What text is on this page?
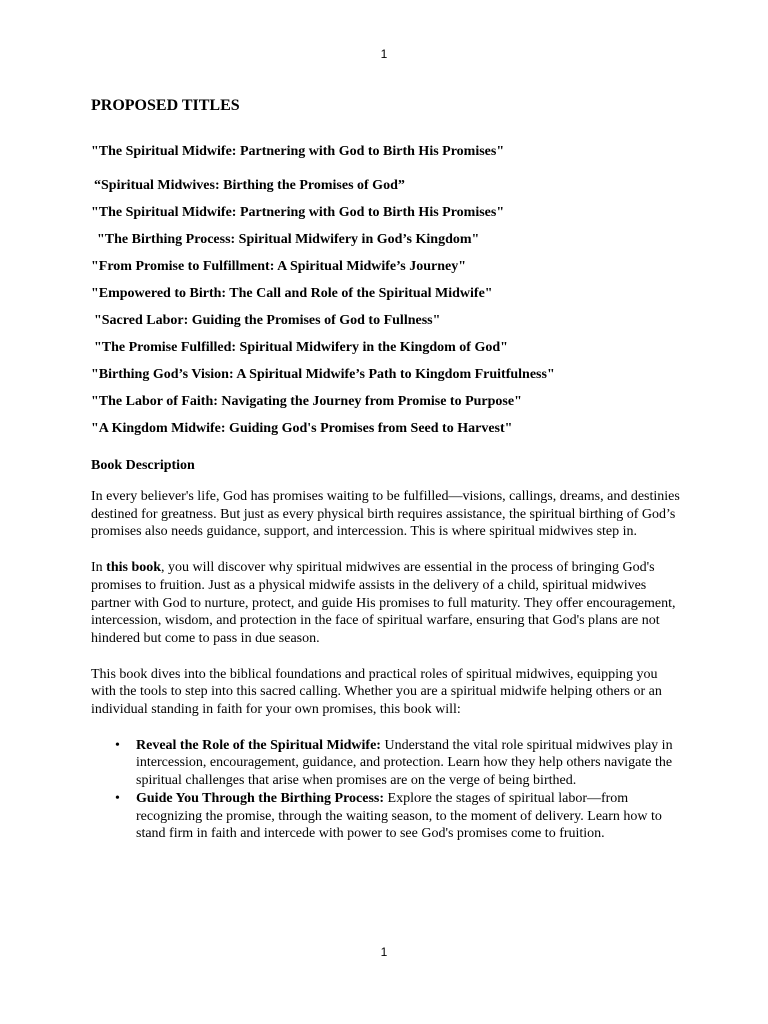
1
PROPOSED TITLES
"The Spiritual Midwife: Partnering with God to Birth His Promises"
“Spiritual Midwives: Birthing the Promises of God”
"The Spiritual Midwife: Partnering with God to Birth His Promises"
"The Birthing Process: Spiritual Midwifery in God’s Kingdom"
"From Promise to Fulfillment: A Spiritual Midwife’s Journey"
"Empowered to Birth: The Call and Role of the Spiritual Midwife"
"Sacred Labor: Guiding the Promises of God to Fullness"
"The Promise Fulfilled: Spiritual Midwifery in the Kingdom of God"
"Birthing God’s Vision: A Spiritual Midwife’s Path to Kingdom Fruitfulness"
"The Labor of Faith: Navigating the Journey from Promise to Purpose"
"A Kingdom Midwife: Guiding God's Promises from Seed to Harvest"
Book Description

In every believer's life, God has promises waiting to be fulfilled—visions, callings, dreams, and destinies destined for greatness. But just as every physical birth requires assistance, the spiritual birthing of God’s promises also needs guidance, support, and intercession. This is where spiritual midwives step in.

In this book, you will discover why spiritual midwives are essential in the process of bringing God's promises to fruition. Just as a physical midwife assists in the delivery of a child, spiritual midwives partner with God to nurture, protect, and guide His promises to full maturity. They offer encouragement, intercession, wisdom, and protection in the face of spiritual warfare, ensuring that God's plans are not hindered but come to pass in due season.

This book dives into the biblical foundations and practical roles of spiritual midwives, equipping you with the tools to step into this sacred calling. Whether you are a spiritual midwife helping others or an individual standing in faith for your own promises, this book will:

• Reveal the Role of the Spiritual Midwife: Understand the vital role spiritual midwives play in intercession, encouragement, guidance, and protection. Learn how they help others navigate the spiritual challenges that arise when promises are on the verge of being birthed.
• Guide You Through the Birthing Process: Explore the stages of spiritual labor—from recognizing the promise, through the waiting season, to the moment of delivery. Learn how to stand firm in faith and intercede with power to see God's promises come to fruition.
1
